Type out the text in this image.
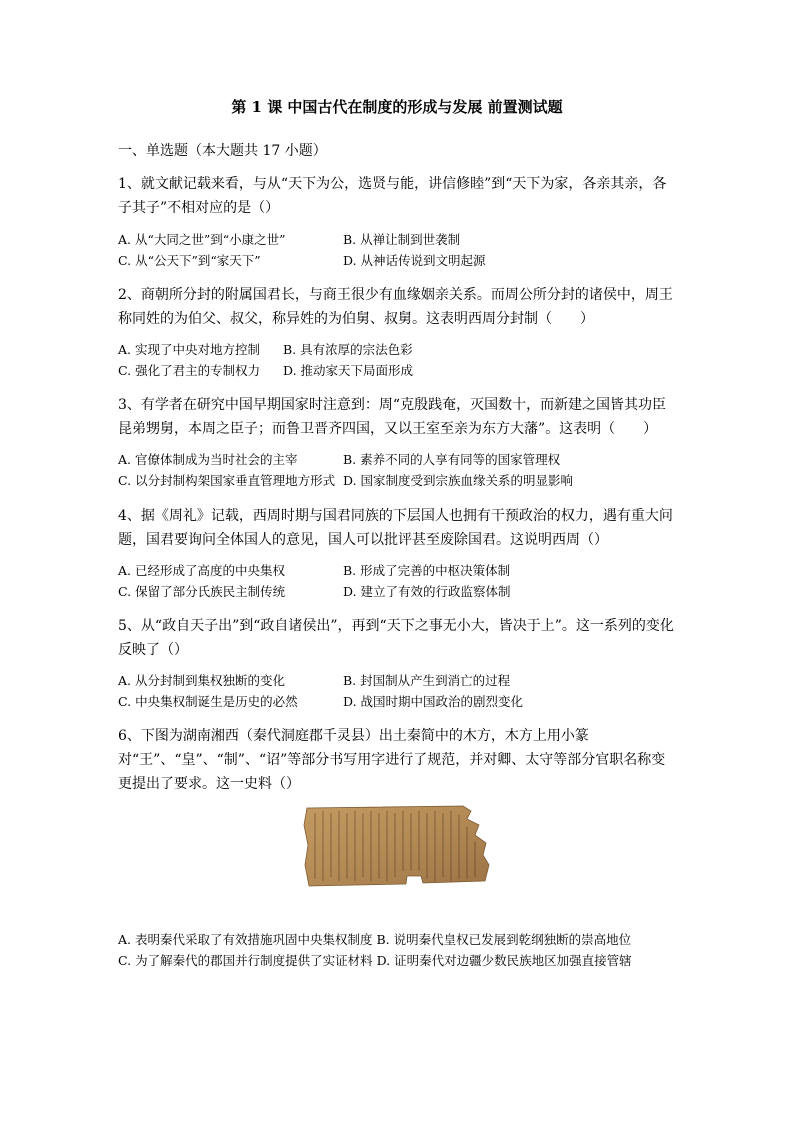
第 1 课 中国古代在制度的形成与发展 前置测试题
一、单选题（本大题共 17 小题）
1、就文献记载来看，与从“天下为公，选贤与能，讲信修睦”到“天下为家，各亲其亲，各子其子”不相对应的是（）
A. 从“大同之世”到“小康之世”	B. 从禅让制到世袭制
C. 从“公天下”到“家天下”	D. 从神话传说到文明起源
2、商朝所分封的附属国君长，与商王很少有血缘姻亲关系。而周公所分封的诸侯中，周王称同姓的为伯父、叔父，称异姓的为伯舅、叔舅。这表明西周分封制（　　）
A. 实现了中央对地方控制 B. 具有浓厚的宗法色彩
C. 强化了君主的专制权力 D. 推动家天下局面形成
3、有学者在研究中国早期国家时注意到：周“克殷践奄，灭国数十，而新建之国皆其功臣昆弟甥舅，本周之臣子；而鲁卫晋齐四国，又以王室至亲为东方大藩”。这表明（　　）
A. 官僚体制成为当时社会的主宰	B. 素养不同的人享有同等的国家管理权
C. 以分封制构架国家垂直管理地方形式 D. 国家制度受到宗族血缘关系的明显影响
4、据《周礼》记载，西周时期与国君同族的下层国人也拥有干预政治的权力，遇有重大问题，国君要询问全体国人的意见，国人可以批评甚至废除国君。这说明西周（）
A. 已经形成了高度的中央集权	B. 形成了完善的中枢决策体制
C. 保留了部分氏族民主制传统	D. 建立了有效的行政监察体制
5、从“政自天子出”到“政自诸侯出”，再到“天下之事无小大，皆决于上”。这一系列的变化反映了（）
A. 从分封制到集权独断的变化	B. 封国制从产生到消亡的过程
C. 中央集权制诞生是历史的必然	D. 战国时期中国政治的剧烈变化
6、下图为湖南湘西（秦代洞庭郡千灵县）出土秦简中的木方，木方上用小篆对“王”、“皇”、“制”、“诏”等部分书写用字进行了规范，并对卿、太守等部分官职名称变更提出了要求。这一史料（）
A. 表明秦代采取了有效措施巩固中央集权制度 B. 说明秦代皇权已发展到乾纲独断的崇高地位
C. 为了解秦代的郡国并行制度提供了实证材料 D. 证明秦代对边疆少数民族地区加强直接管辖
